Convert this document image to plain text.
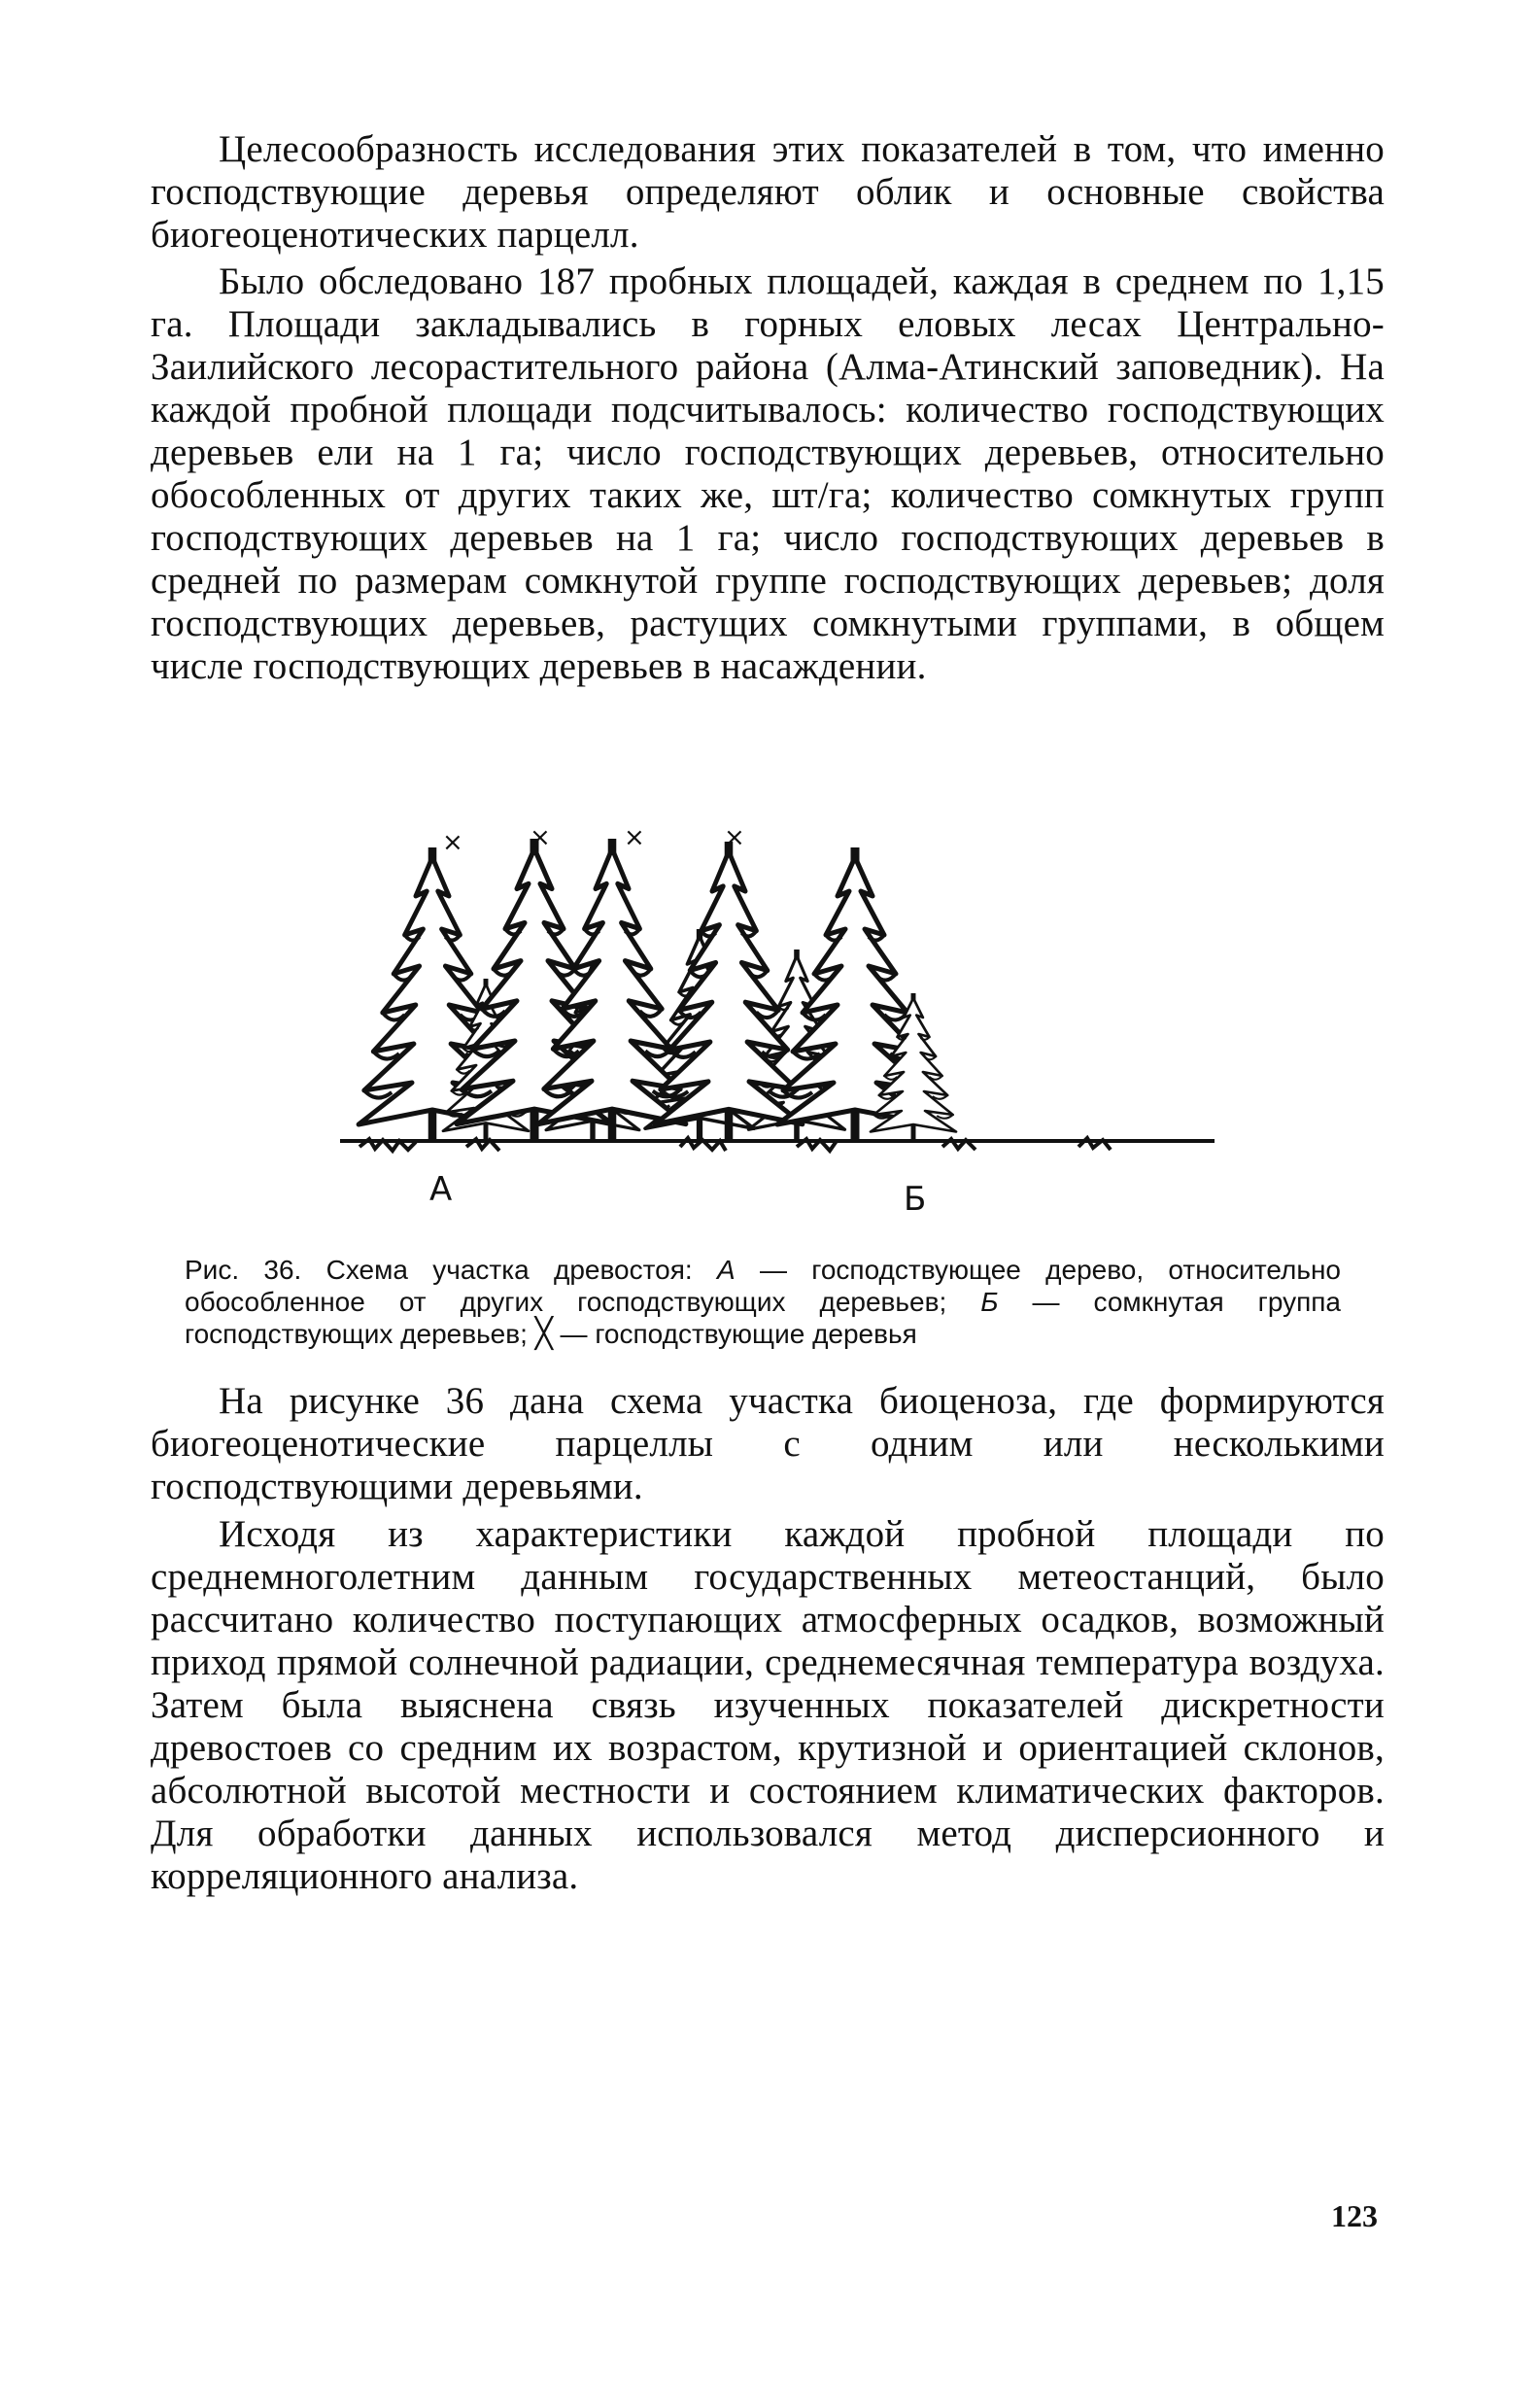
Целесообразность исследования этих показателей в том, что именно господствующие деревья определяют облик и основные свойства биогеоценотических парцелл.

Было обследовано 187 пробных площадей, каждая в среднем по 1,15 га. Площади закладывались в горных еловых лесах Центрально-Заилийского лесорастительного района (Алма-Атинский заповедник). На каждой пробной площади подсчитывалось: количество господствующих деревьев ели на 1 га; число господствующих деревьев, относительно обособленных от других таких же, шт/га; количество сомкнутых групп господствующих деревьев на 1 га; число господствующих деревьев в средней по размерам сомкнутой группе господствующих деревьев; доля господствующих деревьев, растущих сомкнутыми группами, в общем числе господствующих деревьев в насаждении.

×	×	×	×
А	Б

Рис. 36. Схема участка древостоя: А — господствующее дерево, относительно обособленное от других господствующих деревьев; Б — сомкнутая группа господствующих деревьев; ╳ — господствующие деревья

На рисунке 36 дана схема участка биоценоза, где формируются биогеоценотические парцеллы с одним или несколькими господствующими деревьями.

Исходя из характеристики каждой пробной площади по среднемноголетним данным государственных метеостанций, было рассчитано количество поступающих атмосферных осадков, возможный приход прямой солнечной радиации, среднемесячная температура воздуха. Затем была выяснена связь изученных показателей дискретности древостоев со средним их возрастом, крутизной и ориентацией склонов, абсолютной высотой местности и состоянием климатических факторов. Для обработки данных использовался метод дисперсионного и корреляционного анализа.

123
